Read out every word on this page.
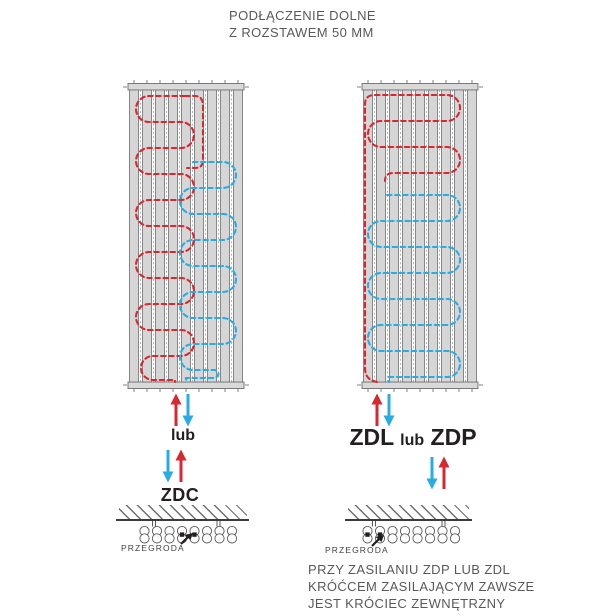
PODŁĄCZENIE DOLNE
Z ROZSTAWEM 50 MM
lub
ZDC
PRZEGRODA
ZDL lub ZDP
PRZEGRODA
PRZY ZASILANIU ZDP LUB ZDL
KRÓĆCEM ZASILAJĄCYM ZAWSZE
JEST KRÓCIEC ZEWNĘTRZNY
